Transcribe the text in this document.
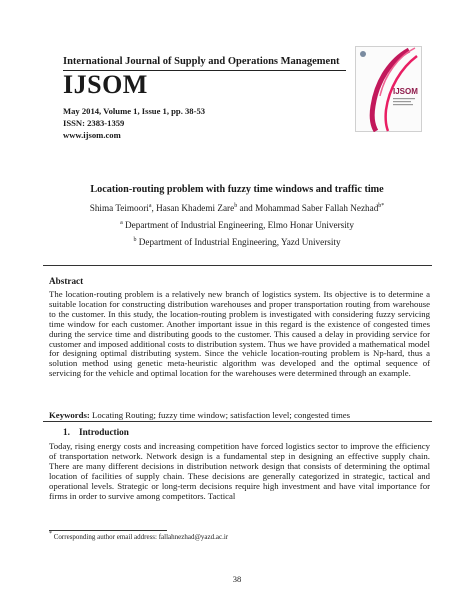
International Journal of Supply and Operations Management
IJSOM
May 2014, Volume 1, Issue 1, pp. 38-53
ISSN: 2383-1359
www.ijsom.com
IJSOM
Location-routing problem with fuzzy time windows and traffic time
Shima Teimoori$^a$, Hasan Khademi Zare$^b$ and Mohammad Saber Fallah Nezhad$^{b*}$
$^a$ Department of Industrial Engineering, Elmo Honar University
$^b$ Department of Industrial Engineering, Yazd University
Abstract
The location-routing problem is a relatively new branch of logistics system. Its objective is to determine a suitable location for constructing distribution warehouses and proper transportation routing from warehouse to the customer. In this study, the location-routing problem is investigated with considering fuzzy servicing time window for each customer. Another important issue in this regard is the existence of congested times during the service time and distributing goods to the customer. This caused a delay in providing service for customer and imposed additional costs to distribution system. Thus we have provided a mathematical model for designing optimal distributing system. Since the vehicle location-routing problem is Np-hard, thus a solution method using genetic meta-heuristic algorithm was developed and the optimal sequence of servicing for the vehicle and optimal location for the warehouses were determined through an example.
Keywords: Locating Routing; fuzzy time window; satisfaction level; congested times
1. Introduction
Today, rising energy costs and increasing competition have forced logistics sector to improve the efficiency of transportation network. Network design is a fundamental step in designing an effective supply chain. There are many different decisions in distribution network design that consists of determining the optimal location of facilities of supply chain. These decisions are generally categorized in strategic, tactical and operational levels. Strategic or long-term decisions require high investment and have vital importance for firms in order to survive among competitors. Tactical
* Corresponding author email address: fallahnezhad@yazd.ac.ir
38
